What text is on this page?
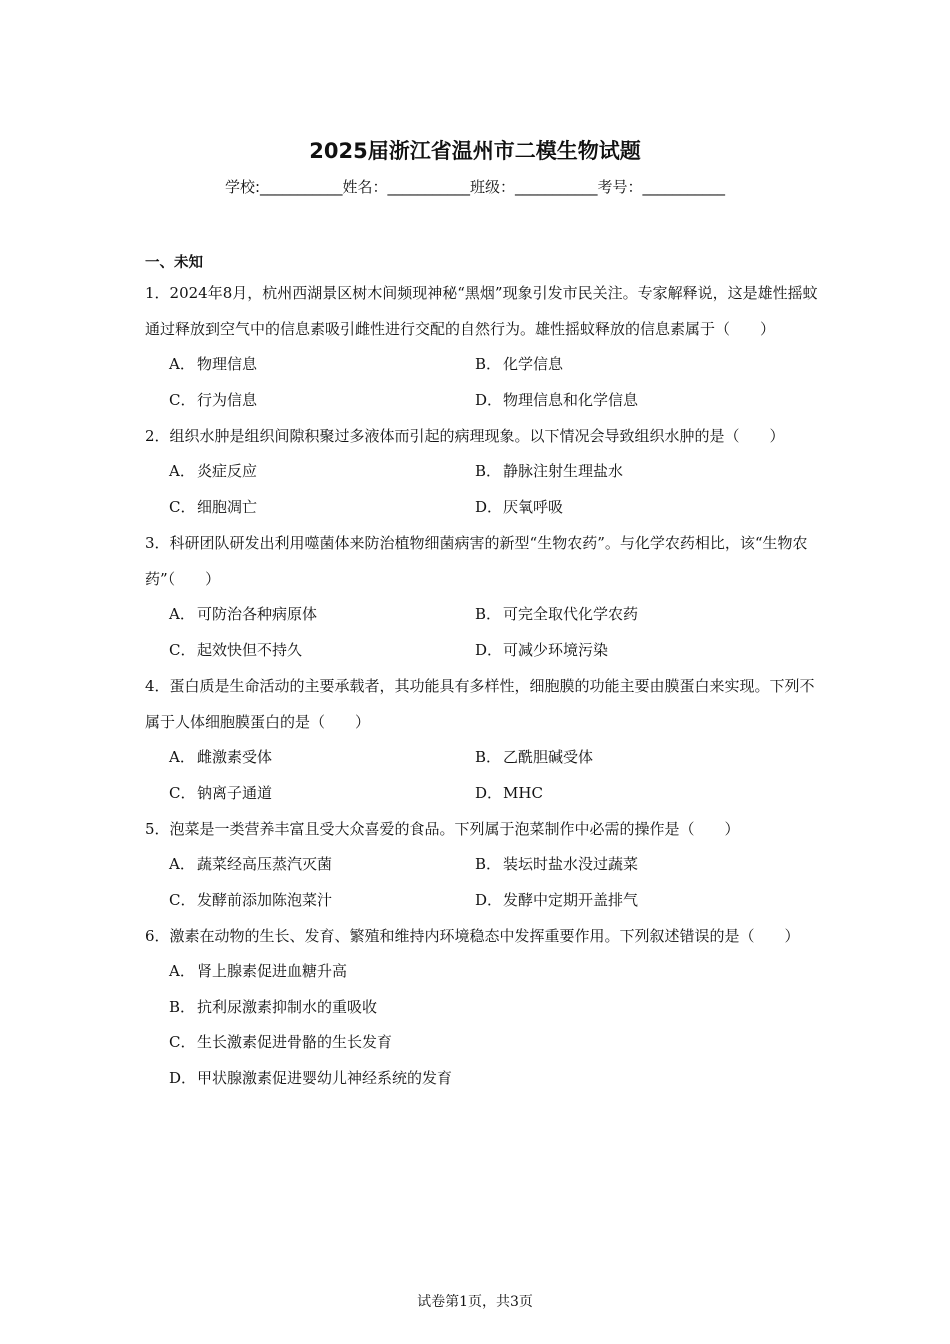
2025届浙江省温州市二模生物试题
学校:___________姓名：___________班级：___________考号：___________
一、未知

1．2024年8月，杭州西湖景区树木间频现神秘“黑烟”现象引发市民关注。专家解释说，这是雄性摇蚊通过释放到空气中的信息素吸引雌性进行交配的自然行为。雄性摇蚊释放的信息素属于（　　）

A． 物理信息	B． 化学信息
C． 行为信息	D．物理信息和化学信息

2．组织水肿是组织间隙积聚过多液体而引起的病理现象。以下情况会导致组织水肿的是（　　）

A． 炎症反应	B． 静脉注射生理盐水
C． 细胞凋亡	D．厌氧呼吸

3．科研团队研发出利用噬菌体来防治植物细菌病害的新型“生物农药”。与化学农药相比，该“生物农药”（　　）

A． 可防治各种病原体	B． 可完全取代化学农药
C． 起效快但不持久	D．可减少环境污染

4．蛋白质是生命活动的主要承载者，其功能具有多样性，细胞膜的功能主要由膜蛋白来实现。下列不属于人体细胞膜蛋白的是（　　）

A． 雌激素受体	B． 乙酰胆碱受体
C． 钠离子通道	D．MHC

5．泡菜是一类营养丰富且受大众喜爱的食品。下列属于泡菜制作中必需的操作是（　　）

A． 蔬菜经高压蒸汽灭菌	B． 装坛时盐水没过蔬菜
C． 发酵前添加陈泡菜汁	D．发酵中定期开盖排气

6．激素在动物的生长、发育、繁殖和维持内环境稳态中发挥重要作用。下列叙述错误的是（　　）

A． 肾上腺素促进血糖升高
B． 抗利尿激素抑制水的重吸收
C． 生长激素促进骨骼的生长发育
D．甲状腺激素促进婴幼儿神经系统的发育
试卷第1页，共3页
